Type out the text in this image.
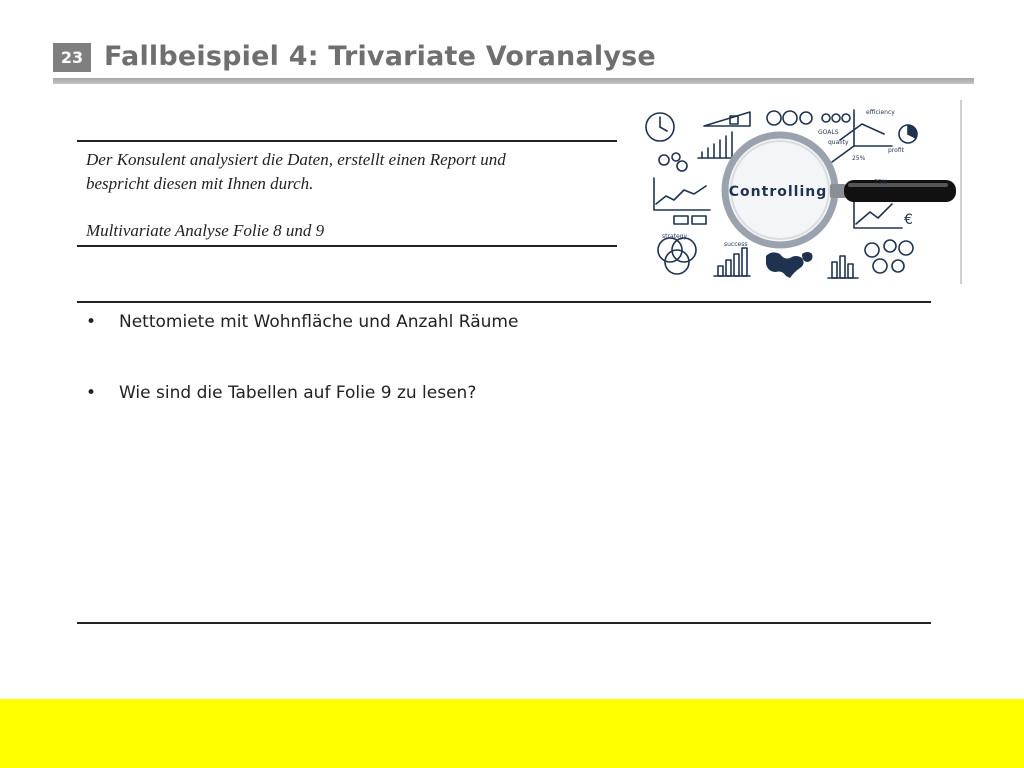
23 Fallbeispiel 4: Trivariate Voranalyse

Der Konsulent analysiert die Daten, erstellt einen Report und

bespricht diesen mit Ihnen durch.

Multivariate Analyse Folie 8 und 9

Controlling
efficiency
GOALS
quality
profit
success
strategy
25%
75%
€
• Nettomiete mit Wohnfläche und Anzahl Räume
• Wie sind die Tabellen auf Folie 9 zu lesen?
